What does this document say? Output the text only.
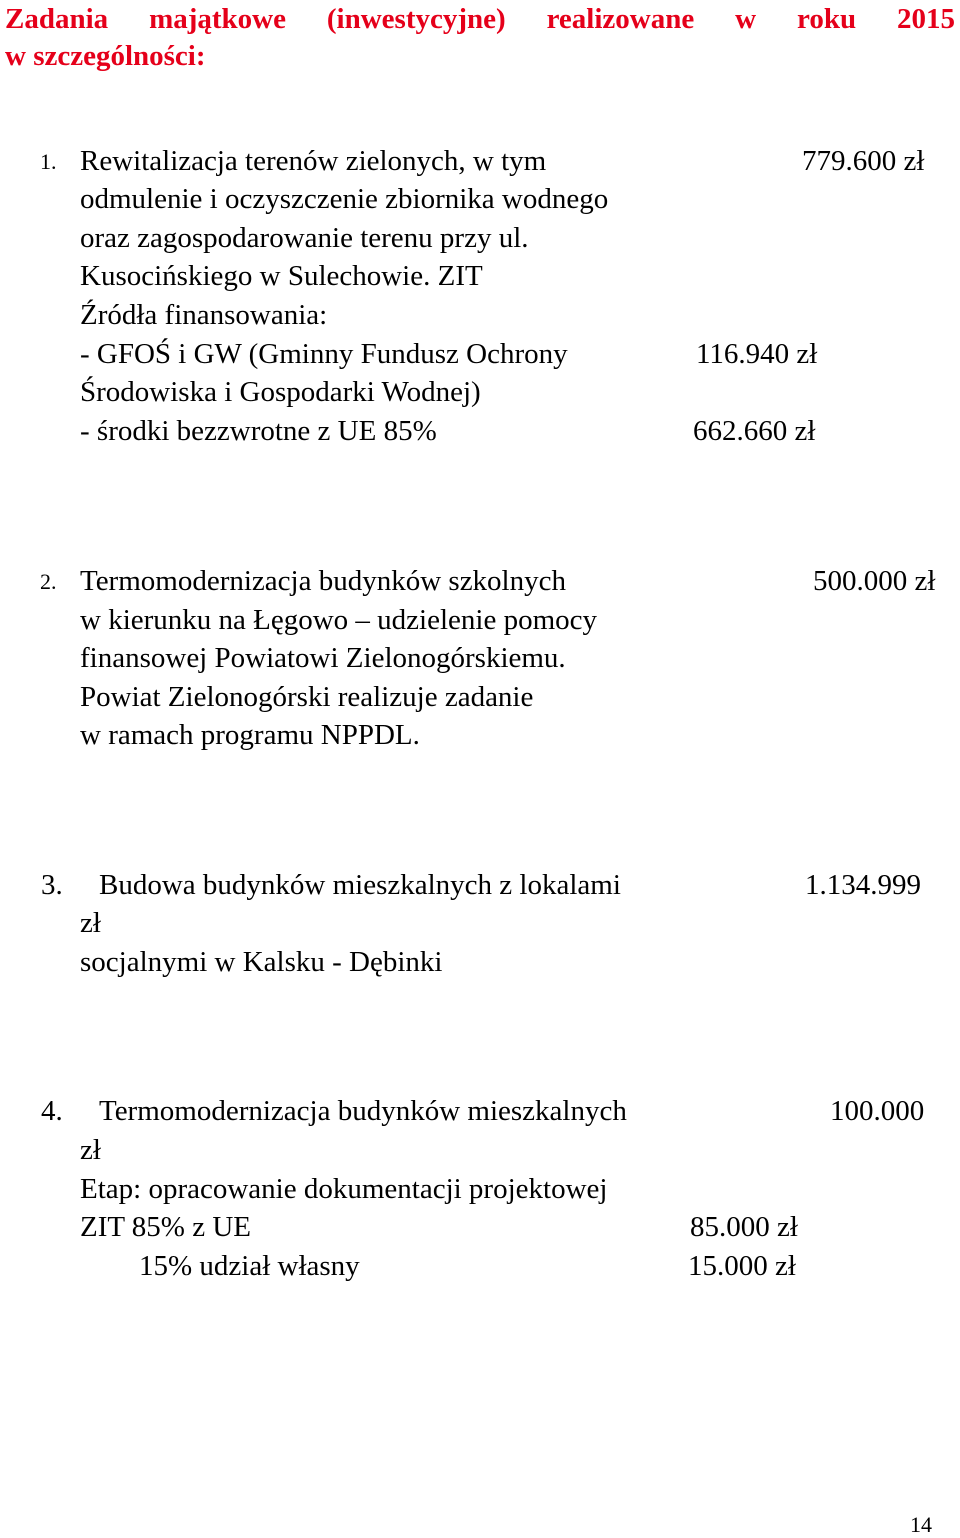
Zadania majątkowe (inwestycyjne) realizowane w roku 2015
w szczególności:
1. Rewitalizacja terenów zielonych, w tym	779.600 zł
odmulenie i oczyszczenie zbiornika wodnego
oraz zagospodarowanie terenu przy ul.
Kusocińskiego w Sulechowie. ZIT
Źródła finansowania:
- GFOŚ i GW (Gminny Fundusz Ochrony	116.940 zł
Środowiska i Gospodarki Wodnej)
- środki bezzwrotne z UE 85%	662.660 zł
2. Termomodernizacja budynków szkolnych	500.000 zł
w kierunku na Łęgowo – udzielenie pomocy
finansowej Powiatowi Zielonogórskiemu.
Powiat Zielonogórski realizuje zadanie
w ramach programu NPPDL.
3. Budowa budynków mieszkalnych z lokalami	1.134.999
zł
socjalnymi w Kalsku - Dębinki
4. Termomodernizacja budynków mieszkalnych	100.000
zł
Etap: opracowanie dokumentacji projektowej
ZIT 85% z UE	85.000 zł
15% udział własny	15.000 zł
14
